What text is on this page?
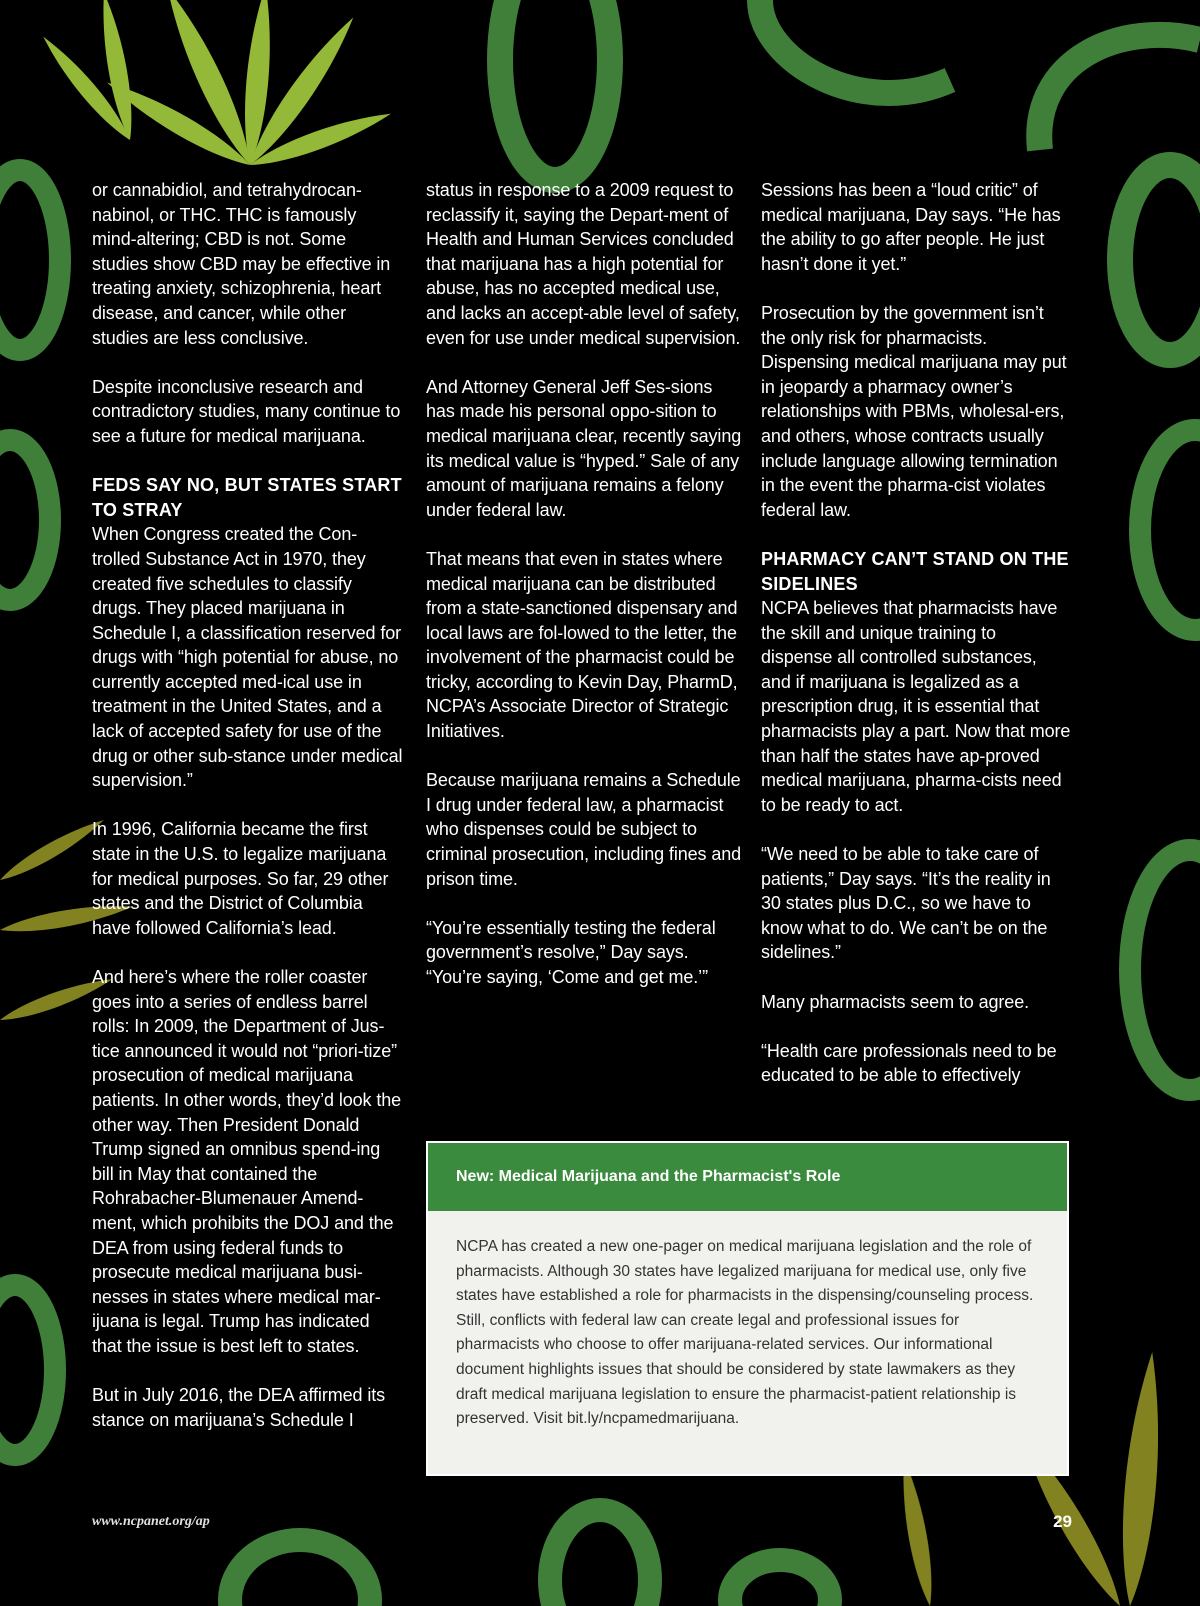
or cannabidiol, and tetrahydrocan-nabinol, or THC. THC is famously mind-altering; CBD is not. Some studies show CBD may be effective in treating anxiety, schizophrenia, heart disease, and cancer, while other studies are less conclusive.

Despite inconclusive research and contradictory studies, many continue to see a future for medical marijuana.

FEDS SAY NO, BUT STATES START TO STRAY

When Congress created the Con-trolled Substance Act in 1970, they created five schedules to classify drugs. They placed marijuana in Schedule I, a classification reserved for drugs with “high potential for abuse, no currently accepted med-ical use in treatment in the United States, and a lack of accepted safety for use of the drug or other sub-stance under medical supervision.”

In 1996, California became the first state in the U.S. to legalize marijuana for medical purposes. So far, 29 other states and the District of Columbia have followed California’s lead.

And here’s where the roller coaster goes into a series of endless barrel rolls: In 2009, the Department of Jus-tice announced it would not “priori-tize” prosecution of medical marijuana patients. In other words, they’d look the other way. Then President Donald Trump signed an omnibus spend-ing bill in May that contained the Rohrabacher-Blumenauer Amend-ment, which prohibits the DOJ and the DEA from using federal funds to prosecute medical marijuana busi-nesses in states where medical mar-ijuana is legal. Trump has indicated that the issue is best left to states.

But in July 2016, the DEA affirmed its stance on marijuana’s Schedule I

status in response to a 2009 request to reclassify it, saying the Depart-ment of Health and Human Services concluded that marijuana has a high potential for abuse, has no accepted medical use, and lacks an accept-able level of safety, even for use under medical supervision.

And Attorney General Jeff Ses-sions has made his personal oppo-sition to medical marijuana clear, recently saying its medical value is “hyped.” Sale of any amount of marijuana remains a felony under federal law.

That means that even in states where medical marijuana can be distributed from a state-sanctioned dispensary and local laws are fol-lowed to the letter, the involvement of the pharmacist could be tricky, according to Kevin Day, PharmD, NCPA’s Associate Director of Strategic Initiatives.

Because marijuana remains a Schedule I drug under federal law, a pharmacist who dispenses could be subject to criminal prosecution, including fines and prison time.

“You’re essentially testing the federal government’s resolve,” Day says. “You’re saying, ‘Come and get me.’”

Sessions has been a “loud critic” of medical marijuana, Day says. “He has the ability to go after people. He just hasn’t done it yet.”

Prosecution by the government isn’t the only risk for pharmacists. Dispensing medical marijuana may put in jeopardy a pharmacy owner’s relationships with PBMs, wholesal-ers, and others, whose contracts usually include language allowing termination in the event the pharma-cist violates federal law.

PHARMACY CAN’T STAND ON THE SIDELINES

NCPA believes that pharmacists have the skill and unique training to dispense all controlled substances, and if marijuana is legalized as a prescription drug, it is essential that pharmacists play a part. Now that more than half the states have ap-proved medical marijuana, pharma-cists need to be ready to act.

“We need to be able to take care of patients,” Day says. “It’s the reality in 30 states plus D.C., so we have to know what to do. We can’t be on the sidelines.”

Many pharmacists seem to agree.

“Health care professionals need to be educated to be able to effectively

New: Medical Marijuana and the Pharmacist's Role
NCPA has created a new one-pager on medical marijuana legislation and the role of pharmacists. Although 30 states have legalized marijuana for medical use, only five states have established a role for pharmacists in the dispensing/counseling process. Still, conflicts with federal law can create legal and professional issues for pharmacists who choose to offer marijuana-related services. Our informational document highlights issues that should be considered by state lawmakers as they draft medical marijuana legislation to ensure the pharmacist-patient relationship is preserved. Visit bit.ly/ncpamedmarijuana.
www.ncpanet.org/ap	29
